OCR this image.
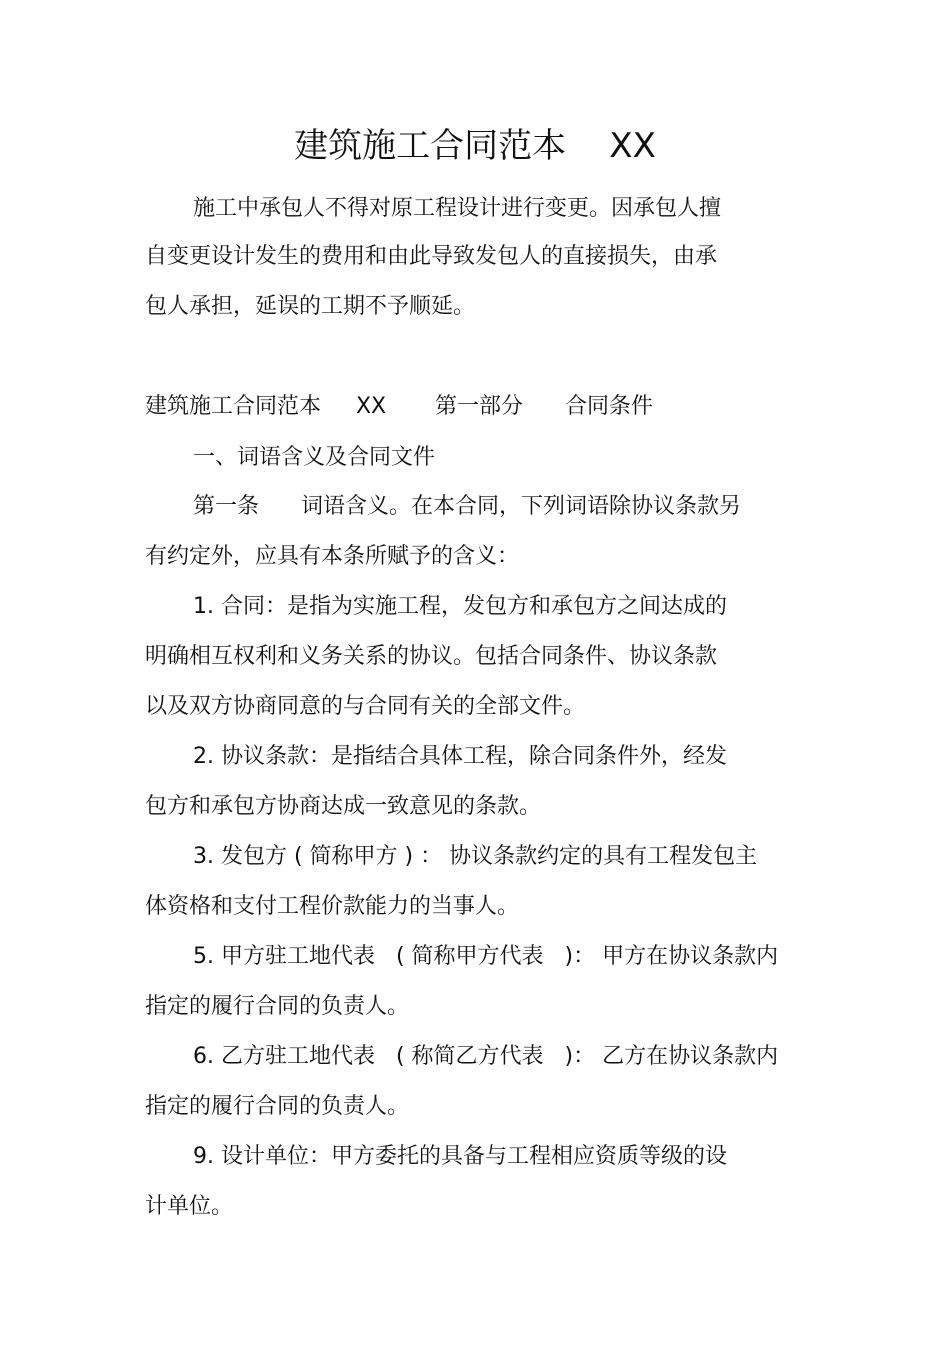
建筑施工合同范本    XX

施工中承包人不得对原工程设计进行变更。因承包人擅

自变更设计发生的费用和由此导致发包人的直接损失，由承

包人承担，延误的工期不予顺延。

建筑施工合同范本     XX       第一部分      合同条件

一、词语含义及合同文件

第一条      词语含义。在本合同，下列词语除协议条款另

有约定外，应具有本条所赋予的含义：

1. 合同：是指为实施工程，发包方和承包方之间达成的

明确相互权利和义务关系的协议。包括合同条件、协议条款

以及双方协商同意的与合同有关的全部文件。

2. 协议条款：是指结合具体工程，除合同条件外，经发

包方和承包方协商达成一致意见的条款。

3. 发包方 ( 简称甲方 ) ： 协议条款约定的具有工程发包主

体资格和支付工程价款能力的当事人。

5. 甲方驻工地代表   ( 简称甲方代表   )： 甲方在协议条款内

指定的履行合同的负责人。

6. 乙方驻工地代表   ( 称简乙方代表   )： 乙方在协议条款内

指定的履行合同的负责人。

9. 设计单位：甲方委托的具备与工程相应资质等级的设

计单位。
